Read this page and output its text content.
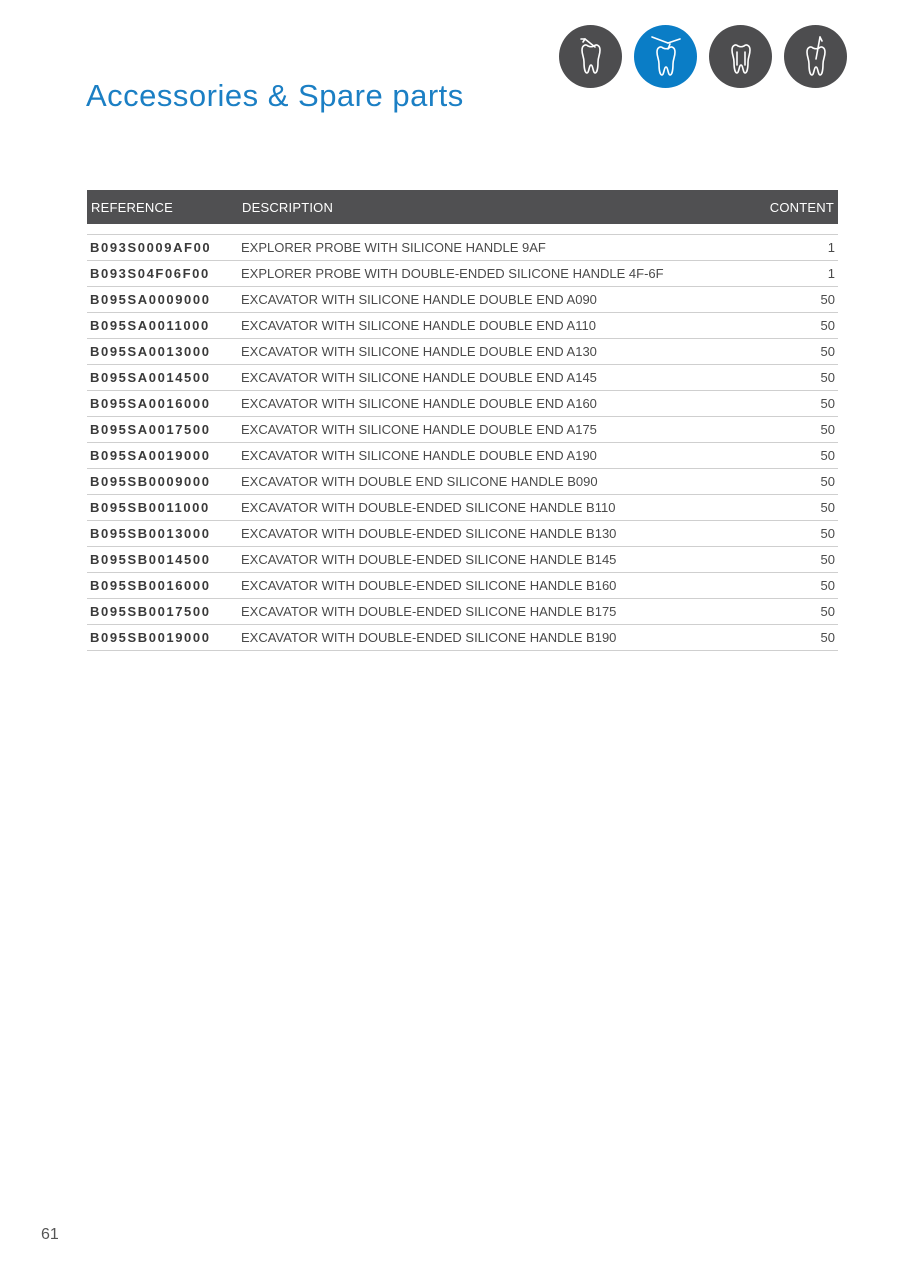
Accessories & Spare parts
REFERENCE	DESCRIPTION	CONTENT

B093S0009AF00	EXPLORER PROBE WITH SILICONE HANDLE 9AF	1
B093S04F06F00	EXPLORER PROBE WITH DOUBLE-ENDED SILICONE HANDLE 4F-6F	1
B095SA0009000	EXCAVATOR WITH SILICONE HANDLE DOUBLE END A090	50
B095SA0011000	EXCAVATOR WITH SILICONE HANDLE DOUBLE END A110	50
B095SA0013000	EXCAVATOR WITH SILICONE HANDLE DOUBLE END A130	50
B095SA0014500	EXCAVATOR WITH SILICONE HANDLE DOUBLE END A145	50
B095SA0016000	EXCAVATOR WITH SILICONE HANDLE DOUBLE END A160	50
B095SA0017500	EXCAVATOR WITH SILICONE HANDLE DOUBLE END A175	50
B095SA0019000	EXCAVATOR WITH SILICONE HANDLE DOUBLE END A190	50
B095SB0009000	EXCAVATOR WITH DOUBLE END SILICONE HANDLE B090	50
B095SB0011000	EXCAVATOR WITH DOUBLE-ENDED SILICONE HANDLE B110	50
B095SB0013000	EXCAVATOR WITH DOUBLE-ENDED SILICONE HANDLE B130	50
B095SB0014500	EXCAVATOR WITH DOUBLE-ENDED SILICONE HANDLE B145	50
B095SB0016000	EXCAVATOR WITH DOUBLE-ENDED SILICONE HANDLE B160	50
B095SB0017500	EXCAVATOR WITH DOUBLE-ENDED SILICONE HANDLE B175	50
B095SB0019000	EXCAVATOR WITH DOUBLE-ENDED SILICONE HANDLE B190	50
61
